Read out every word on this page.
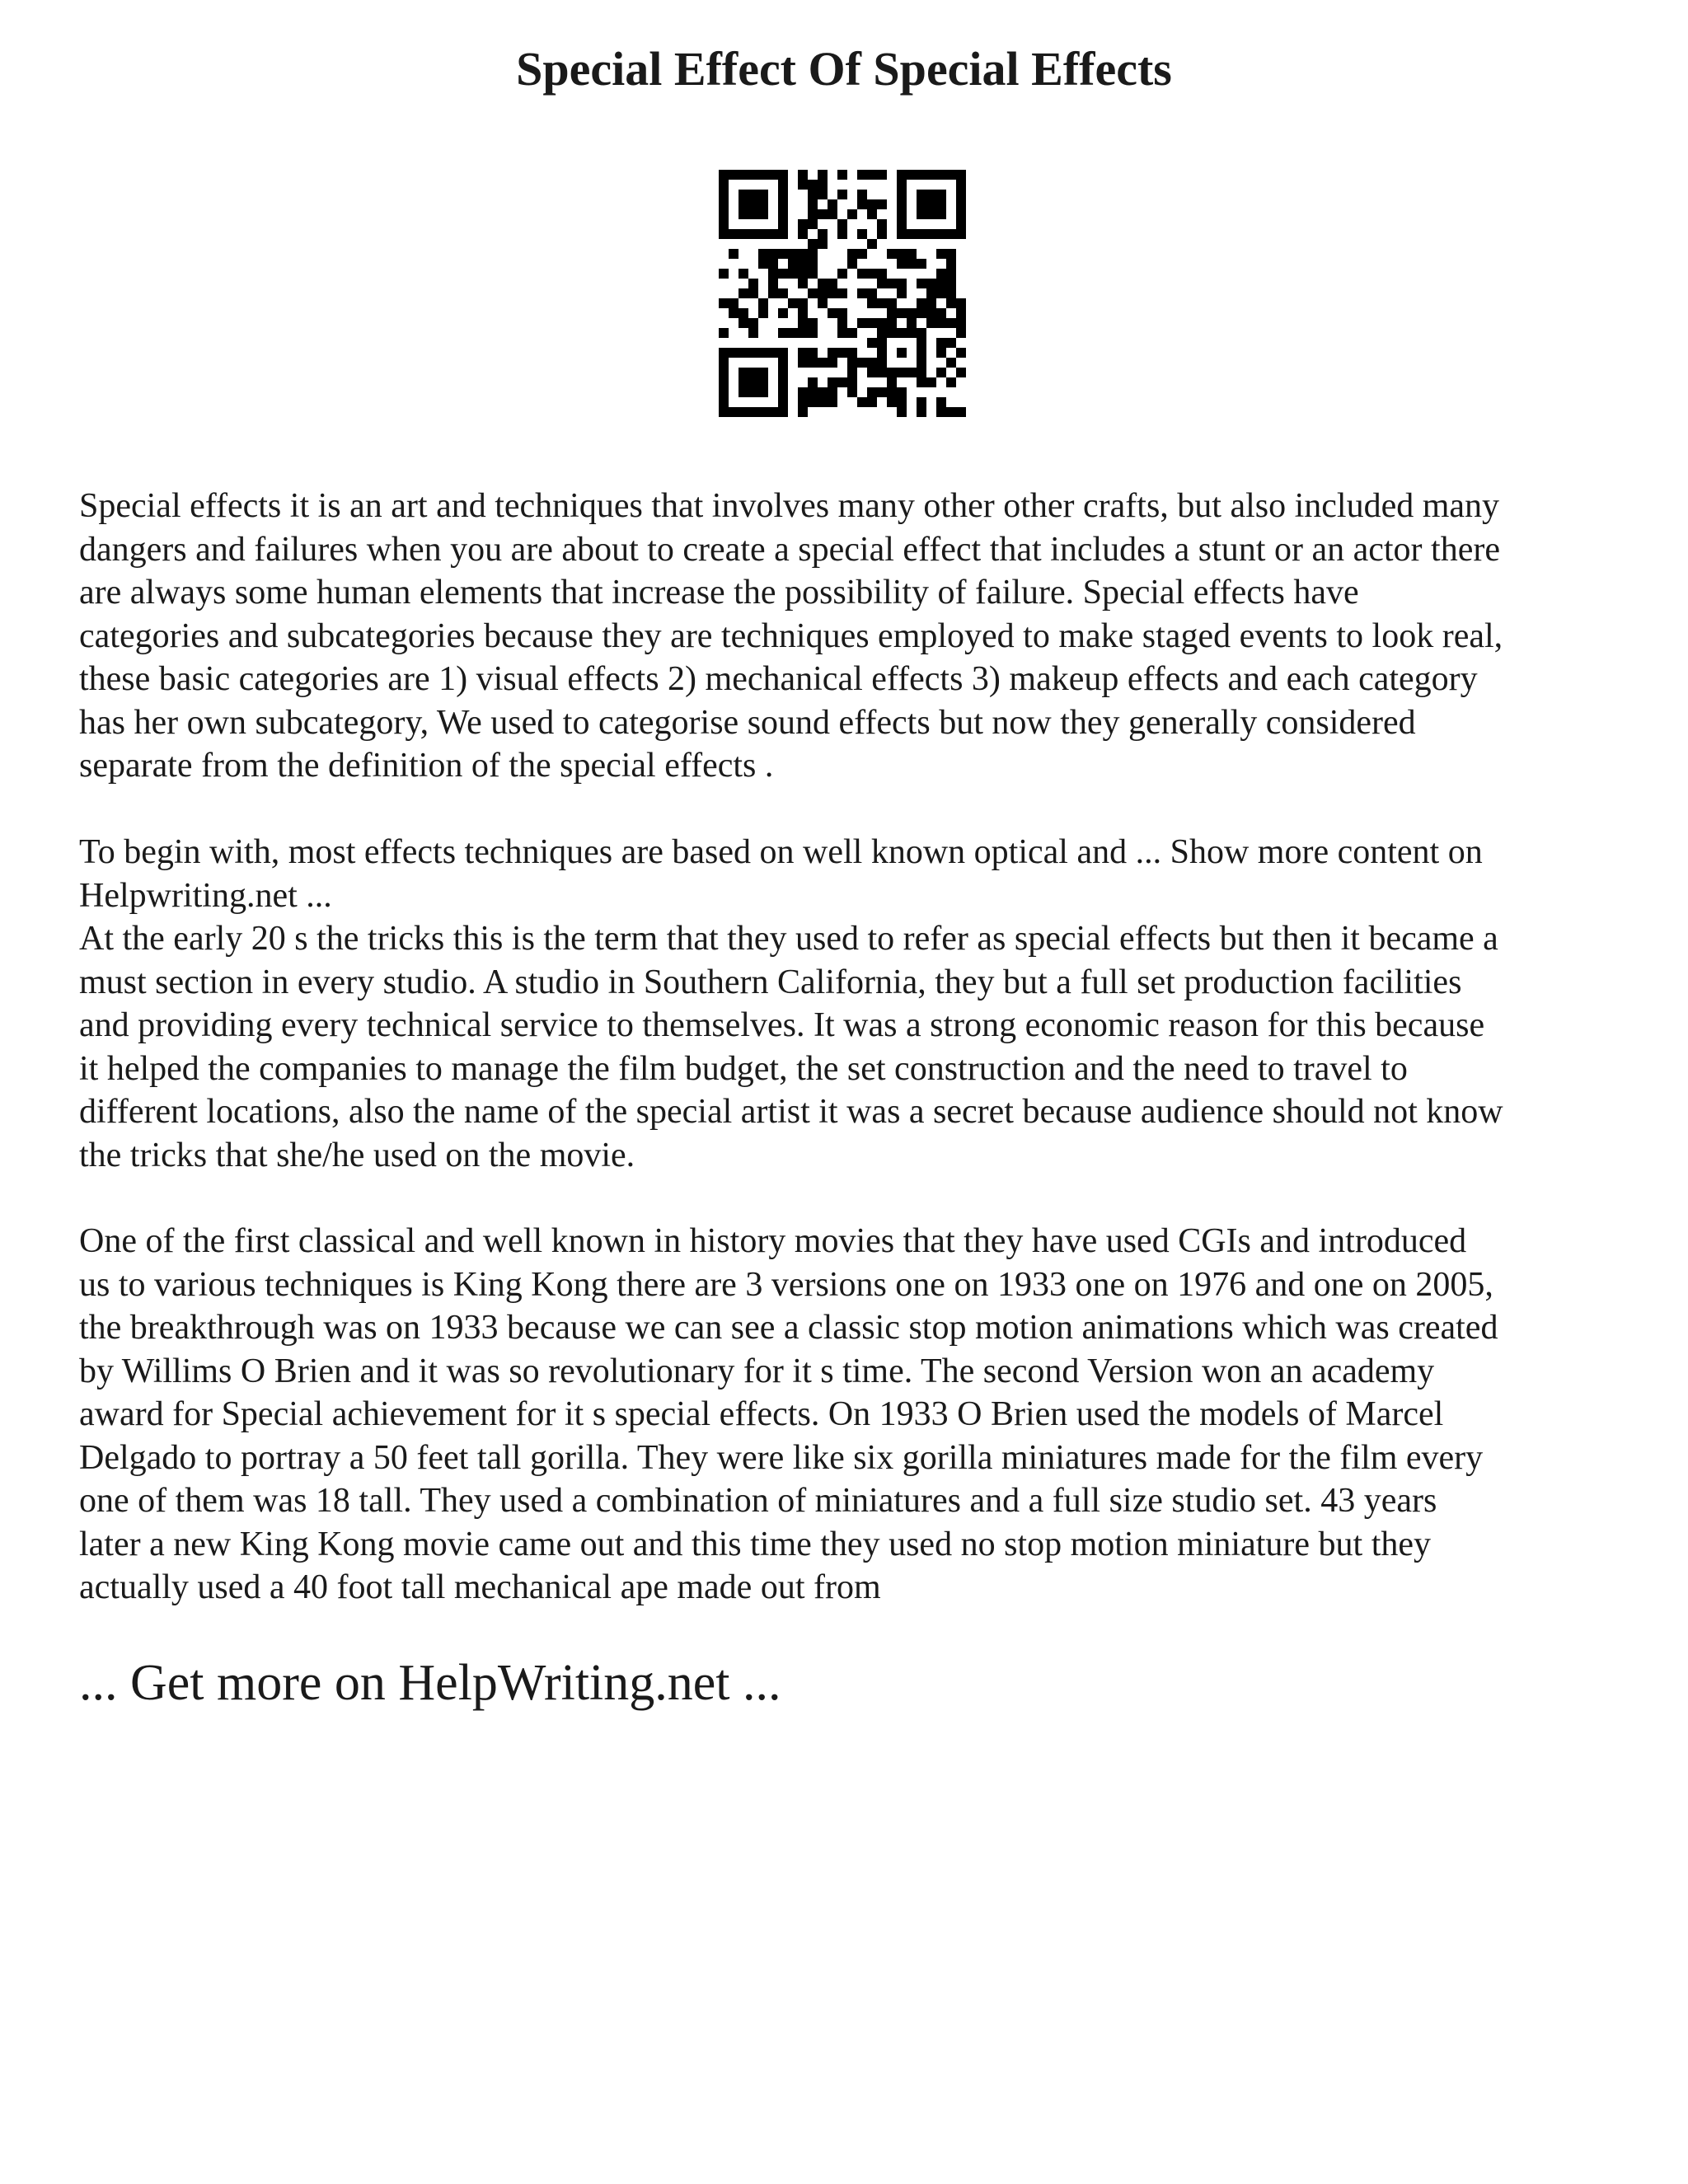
Special Effect Of Special Effects

Special effects it is an art and techniques that involves many other other crafts, but also included many
dangers and failures when you are about to create a special effect that includes a stunt or an actor there
are always some human elements that increase the possibility of failure. Special effects have
categories and subcategories because they are techniques employed to make staged events to look real,
these basic categories are 1) visual effects 2) mechanical effects 3) makeup effects and each category
has her own subcategory, We used to categorise sound effects but now they generally considered
separate from the definition of the special effects .

To begin with, most effects techniques are based on well known optical and ... Show more content on
Helpwriting.net ...
At the early 20 s the tricks this is the term that they used to refer as special effects but then it became a
must section in every studio. A studio in Southern California, they but a full set production facilities
and providing every technical service to themselves. It was a strong economic reason for this because
it helped the companies to manage the film budget, the set construction and the need to travel to
different locations, also the name of the special artist it was a secret because audience should not know
the tricks that she/he used on the movie.

One of the first classical and well known in history movies that they have used CGIs and introduced
us to various techniques is King Kong there are 3 versions one on 1933 one on 1976 and one on 2005,
the breakthrough was on 1933 because we can see a classic stop motion animations which was created
by Willims O Brien and it was so revolutionary for it s time. The second Version won an academy
award for Special achievement for it s special effects. On 1933 O Brien used the models of Marcel
Delgado to portray a 50 feet tall gorilla. They were like six gorilla miniatures made for the film every
one of them was 18 tall. They used a combination of miniatures and a full size studio set. 43 years
later a new King Kong movie came out and this time they used no stop motion miniature but they
actually used a 40 foot tall mechanical ape made out from

... Get more on HelpWriting.net ...
